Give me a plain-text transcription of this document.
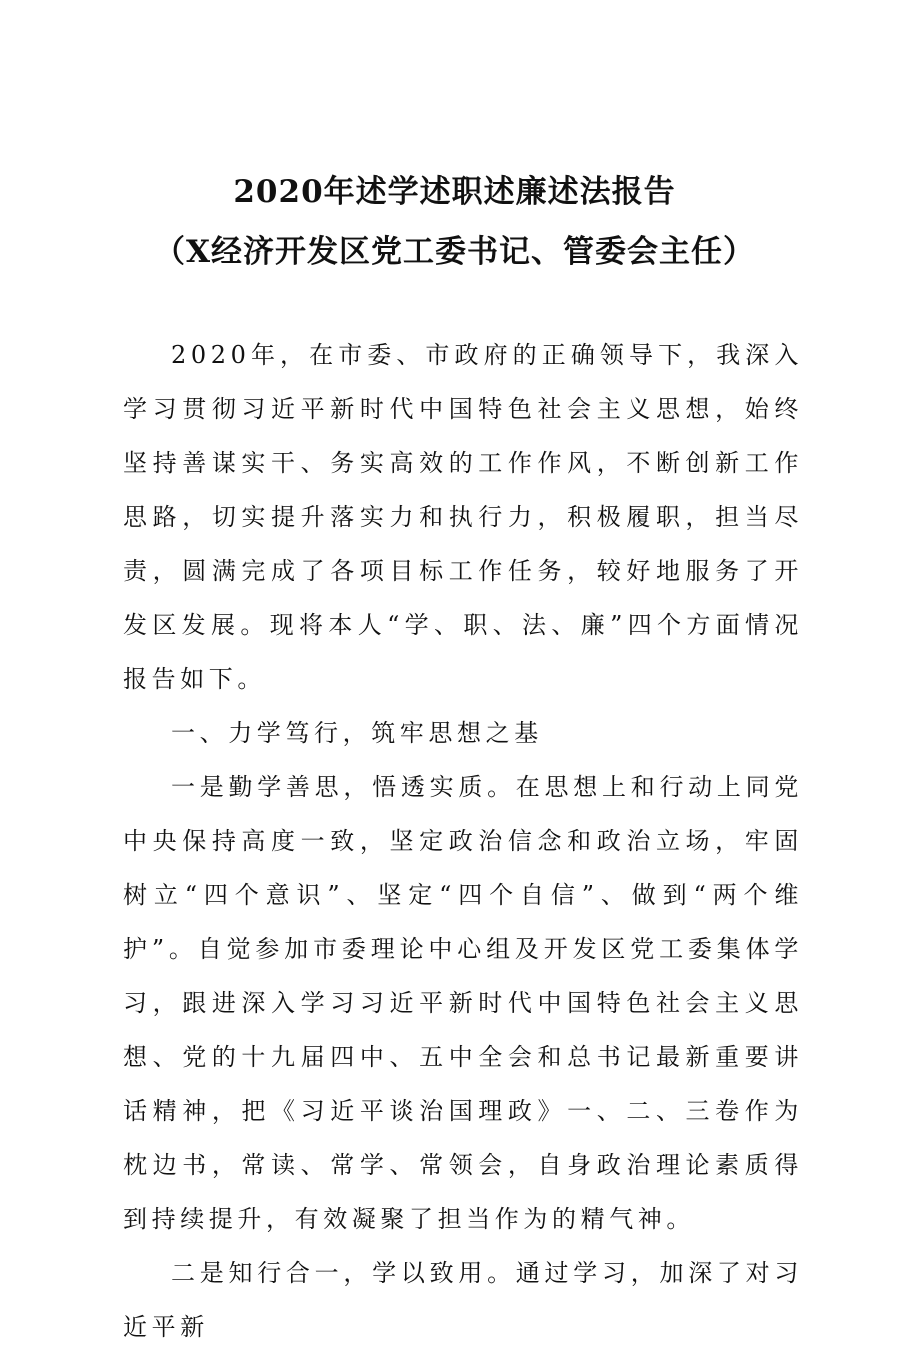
2020年述学述职述廉述法报告
（X经济开发区党工委书记、管委会主任）

2020年，在市委、市政府的正确领导下，我深入学习贯彻习近平新时代中国特色社会主义思想，始终坚持善谋实干、务实高效的工作作风，不断创新工作思路，切实提升落实力和执行力，积极履职，担当尽责，圆满完成了各项目标工作任务，较好地服务了开发区发展。现将本人“学、职、法、廉”四个方面情况报告如下。

一、力学笃行，筑牢思想之基

一是勤学善思，悟透实质。在思想上和行动上同党中央保持高度一致，坚定政治信念和政治立场，牢固树立“四个意识”、坚定“四个自信”、做到“两个维护”。自觉参加市委理论中心组及开发区党工委集体学习，跟进深入学习习近平新时代中国特色社会主义思想、党的十九届四中、五中全会和总书记最新重要讲话精神，把《习近平谈治国理政》一、二、三卷作为枕边书，常读、常学、常领会，自身政治理论素质得到持续提升，有效凝聚了担当作为的精气神。

二是知行合一，学以致用。通过学习，加深了对习近平新
